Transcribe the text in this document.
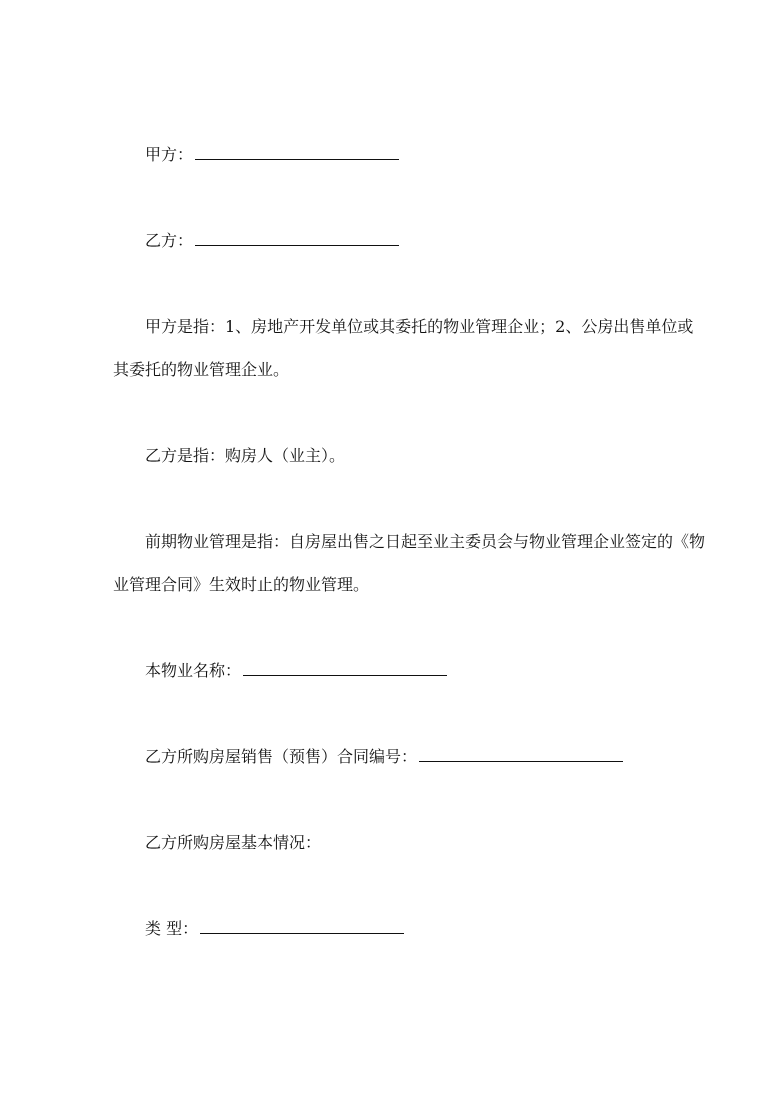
甲方：
乙方：
甲方是指：1、房地产开发单位或其委托的物业管理企业；2、公房出售单位或
其委托的物业管理企业。
乙方是指：购房人（业主）。
前期物业管理是指：自房屋出售之日起至业主委员会与物业管理企业签定的《物
业管理合同》生效时止的物业管理。
本物业名称：
乙方所购房屋销售（预售）合同编号：
乙方所购房屋基本情况：
类 型：
